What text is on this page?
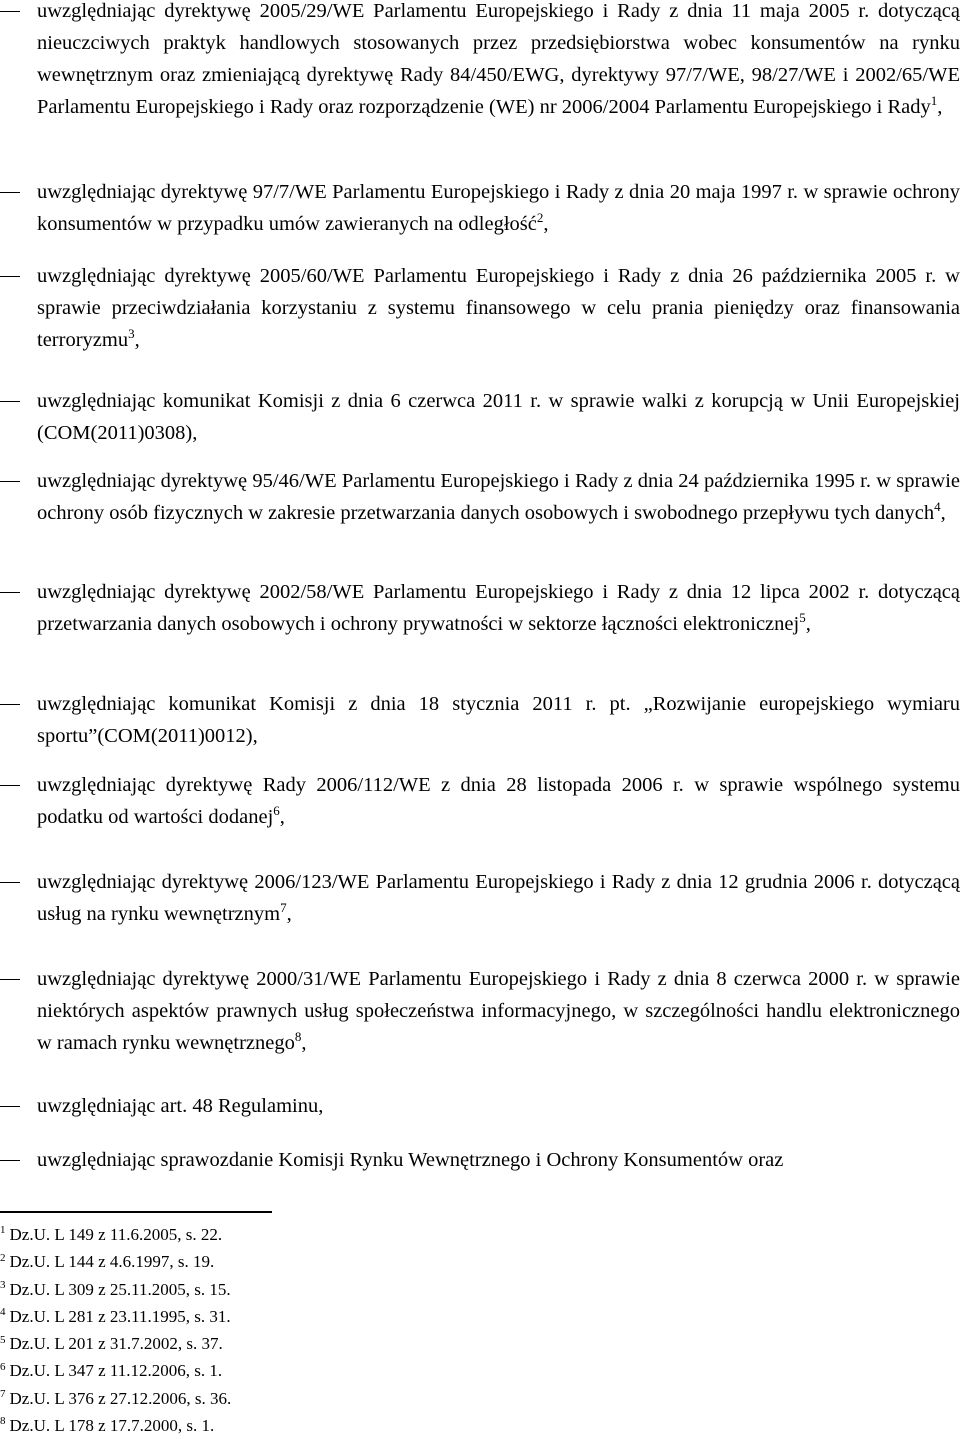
uwzględniając dyrektywę 2005/29/WE Parlamentu Europejskiego i Rady z dnia 11 maja 2005 r. dotyczącą nieuczciwych praktyk handlowych stosowanych przez przedsiębiorstwa wobec konsumentów na rynku wewnętrznym oraz zmieniającą dyrektywę Rady 84/450/EWG, dyrektywy 97/7/WE, 98/27/WE i 2002/65/WE Parlamentu Europejskiego i Rady oraz rozporządzenie (WE) nr 2006/2004 Parlamentu Europejskiego i Rady$^1$,
uwzględniając dyrektywę 97/7/WE Parlamentu Europejskiego i Rady z dnia 20 maja 1997 r. w sprawie ochrony konsumentów w przypadku umów zawieranych na odległość$^2$,
uwzględniając dyrektywę 2005/60/WE Parlamentu Europejskiego i Rady z dnia 26 października 2005 r. w sprawie przeciwdziałania korzystaniu z systemu finansowego w celu prania pieniędzy oraz finansowania terroryzmu$^3$,
uwzględniając komunikat Komisji z dnia 6 czerwca 2011 r. w sprawie walki z korupcją w Unii Europejskiej (COM(2011)0308),
uwzględniając dyrektywę 95/46/WE Parlamentu Europejskiego i Rady z dnia 24 października 1995 r. w sprawie ochrony osób fizycznych w zakresie przetwarzania danych osobowych i swobodnego przepływu tych danych$^4$,
uwzględniając dyrektywę 2002/58/WE Parlamentu Europejskiego i Rady z dnia 12 lipca 2002 r. dotyczącą przetwarzania danych osobowych i ochrony prywatności w sektorze łączności elektronicznej$^5$,
uwzględniając komunikat Komisji z dnia 18 stycznia 2011 r. pt. „Rozwijanie europejskiego wymiaru sportu”(COM(2011)0012),
uwzględniając dyrektywę Rady 2006/112/WE z dnia 28 listopada 2006 r. w sprawie wspólnego systemu podatku od wartości dodanej$^6$,
uwzględniając dyrektywę 2006/123/WE Parlamentu Europejskiego i Rady z dnia 12 grudnia 2006 r. dotyczącą usług na rynku wewnętrznym$^7$,
uwzględniając dyrektywę 2000/31/WE Parlamentu Europejskiego i Rady z dnia 8 czerwca 2000 r. w sprawie niektórych aspektów prawnych usług społeczeństwa informacyjnego, w szczególności handlu elektronicznego w ramach rynku wewnętrznego$^8$,
uwzględniając art. 48 Regulaminu,
uwzględniając sprawozdanie Komisji Rynku Wewnętrznego i Ochrony Konsumentów oraz
$^1$ Dz.U. L 149 z 11.6.2005, s. 22.
$^2$ Dz.U. L 144 z 4.6.1997, s. 19.
$^3$ Dz.U. L 309 z 25.11.2005, s. 15.
$^4$ Dz.U. L 281 z 23.11.1995, s. 31.
$^5$ Dz.U. L 201 z 31.7.2002, s. 37.
$^6$ Dz.U. L 347 z 11.12.2006, s. 1.
$^7$ Dz.U. L 376 z 27.12.2006, s. 36.
$^8$ Dz.U. L 178 z 17.7.2000, s. 1.
